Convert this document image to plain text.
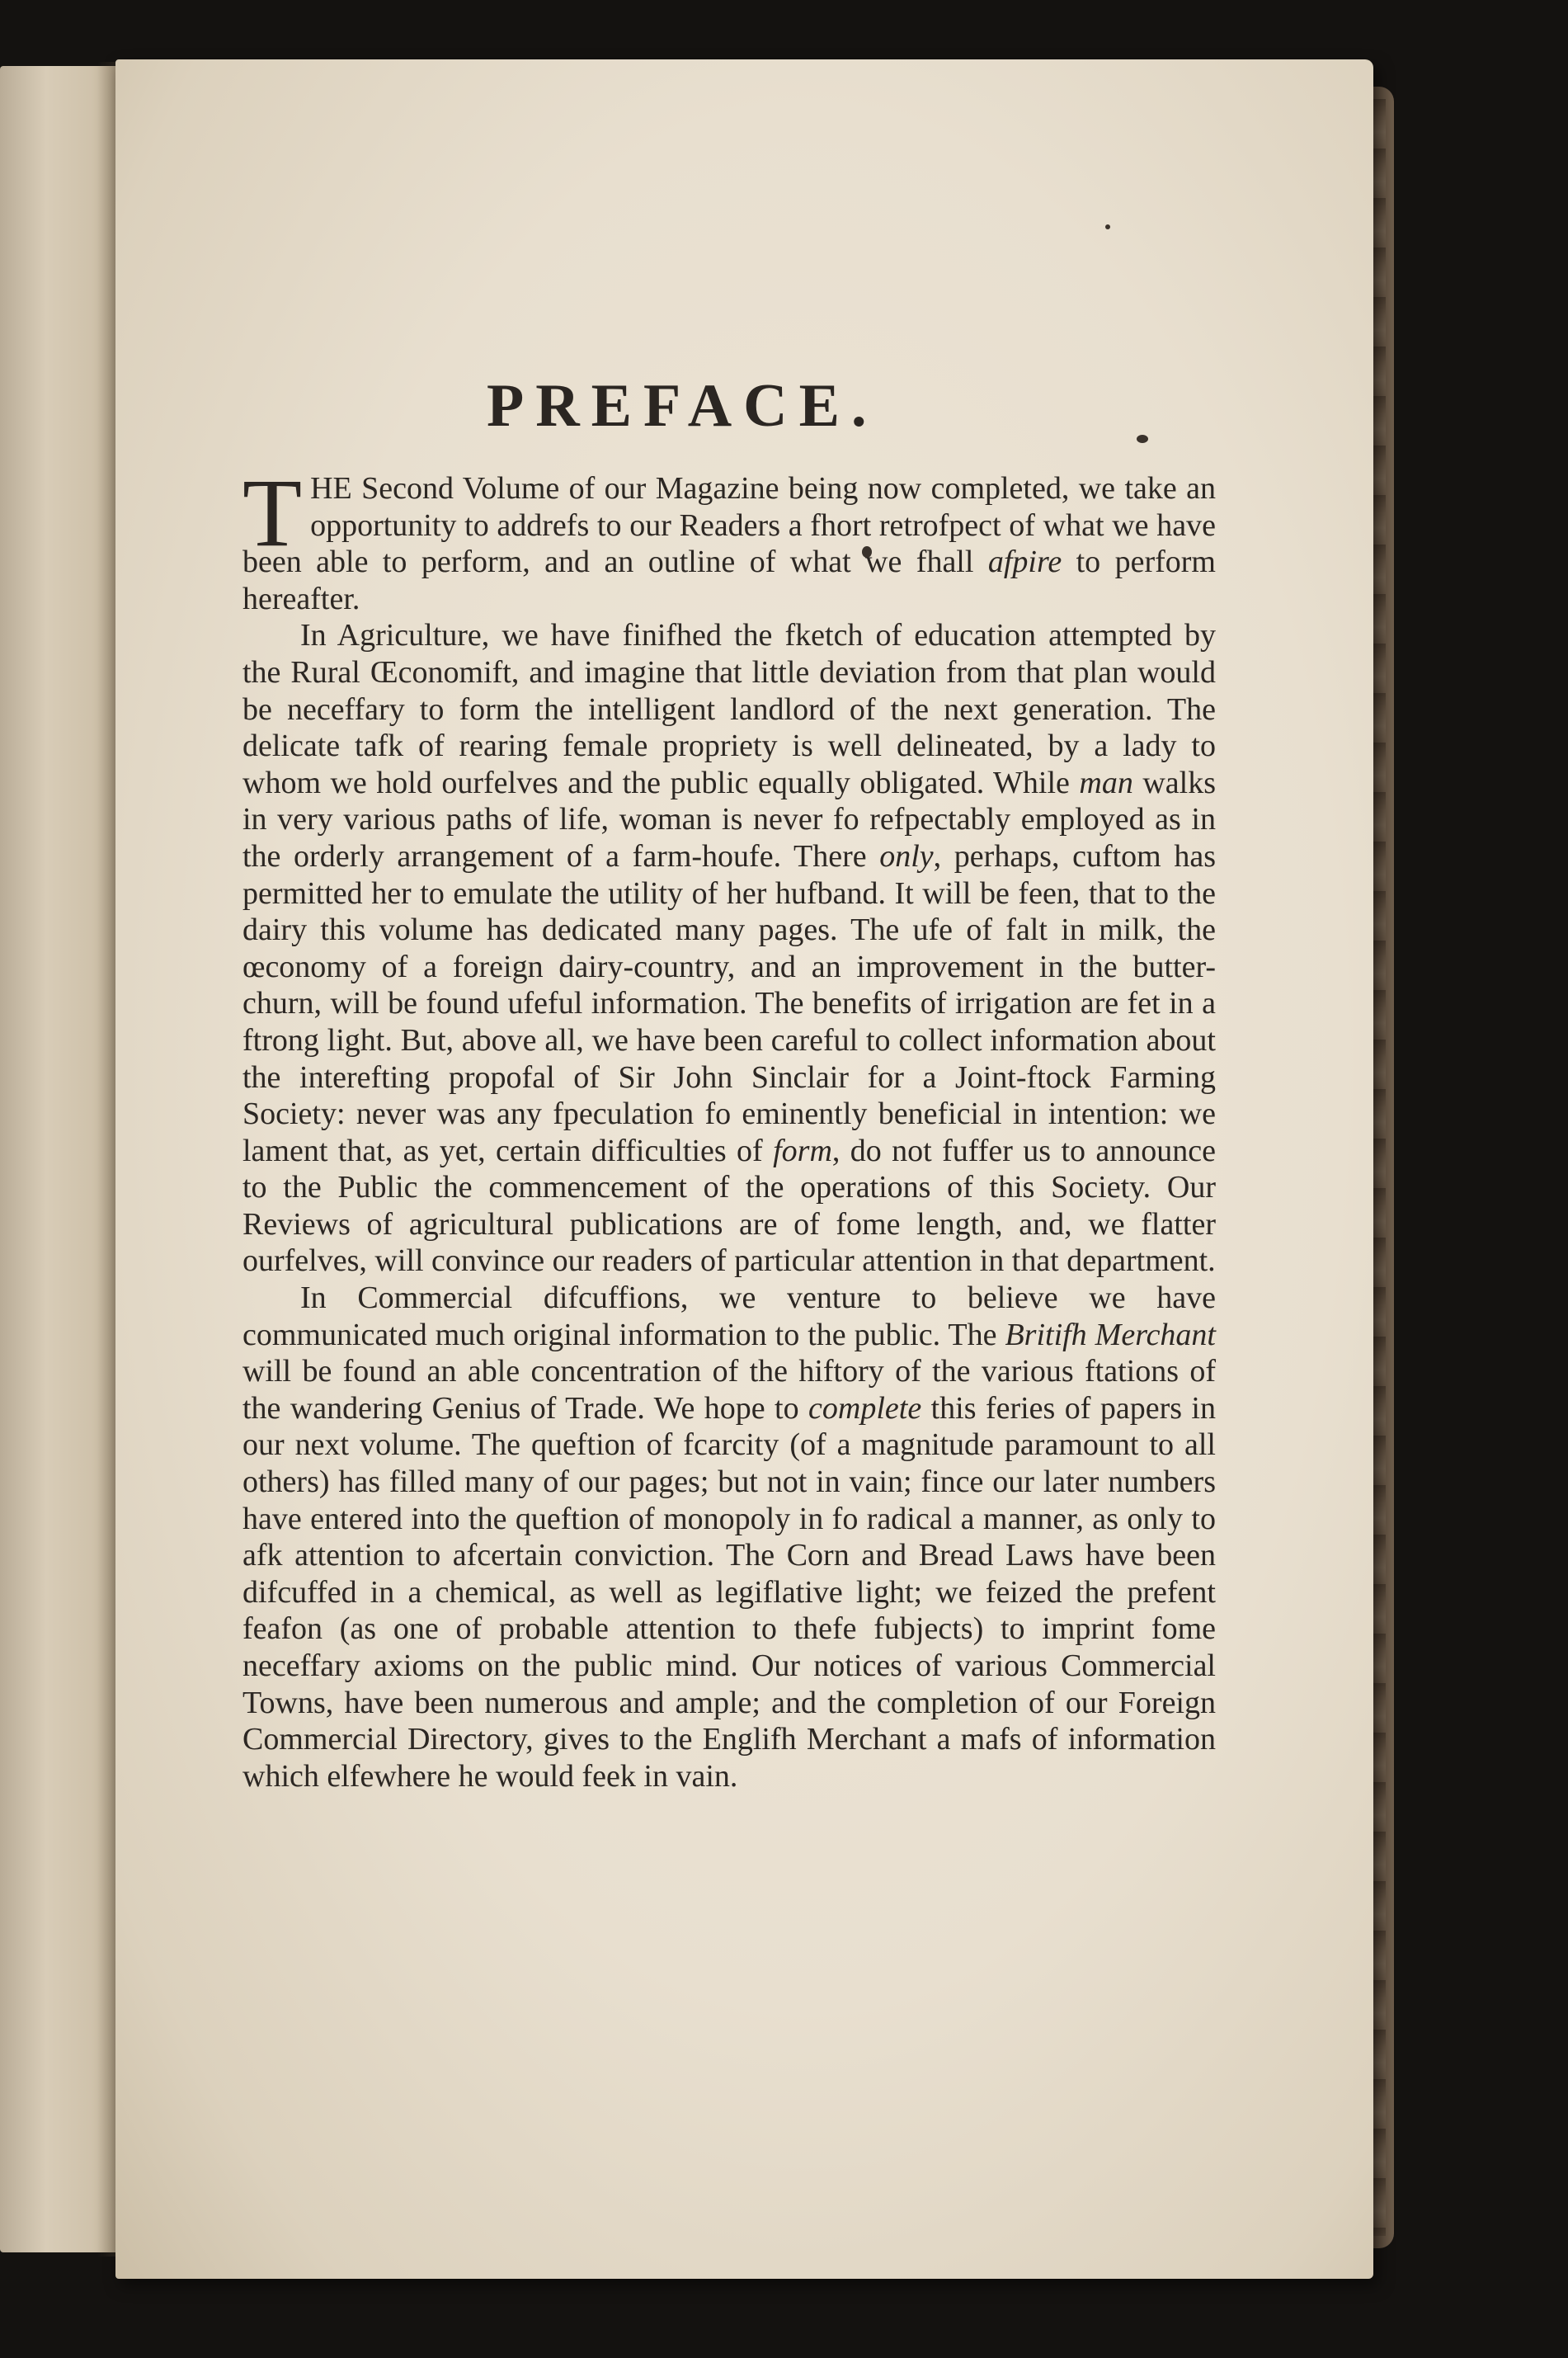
PREFACE.

THE Second Volume of our Magazine being now completed, we take an opportunity to addrefs to our Readers a fhort retrofpect of what we have been able to perform, and an outline of what we fhall afpire to perform hereafter.

In Agriculture, we have finifhed the fketch of education attempted by the Rural Œconomift, and imagine that little deviation from that plan would be neceffary to form the intelligent landlord of the next generation. The delicate tafk of rearing female propriety is well delineated, by a lady to whom we hold ourfelves and the public equally obligated. While man walks in very various paths of life, woman is never fo refpectably employed as in the orderly arrangement of a farm-houfe. There only, perhaps, cuftom has permitted her to emulate the utility of her hufband. It will be feen, that to the dairy this volume has dedicated many pages. The ufe of falt in milk, the œconomy of a foreign dairy-country, and an improvement in the butter-churn, will be found ufeful information. The benefits of irrigation are fet in a ftrong light. But, above all, we have been careful to collect information about the interefting propofal of Sir John Sinclair for a Joint-ftock Farming Society: never was any fpeculation fo eminently beneficial in intention: we lament that, as yet, certain difficulties of form, do not fuffer us to announce to the Public the commencement of the operations of this Society. Our Reviews of agricultural publications are of fome length, and, we flatter ourfelves, will convince our readers of particular attention in that department.

In Commercial difcuffions, we venture to believe we have communicated much original information to the public. The Britifh Merchant will be found an able concentration of the hiftory of the various ftations of the wandering Genius of Trade. We hope to complete this feries of papers in our next volume. The queftion of fcarcity (of a magnitude paramount to all others) has filled many of our pages; but not in vain; fince our later numbers have entered into the queftion of monopoly in fo radical a manner, as only to afk attention to afcertain conviction. The Corn and Bread Laws have been difcuffed in a chemical, as well as legiflative light; we feized the prefent feafon (as one of probable attention to thefe fubjects) to imprint fome neceffary axioms on the public mind. Our notices of various Commercial Towns, have been numerous and ample; and the completion of our Foreign Commercial Directory, gives to the Englifh Merchant a mafs of information which elfewhere he would feek in vain.
